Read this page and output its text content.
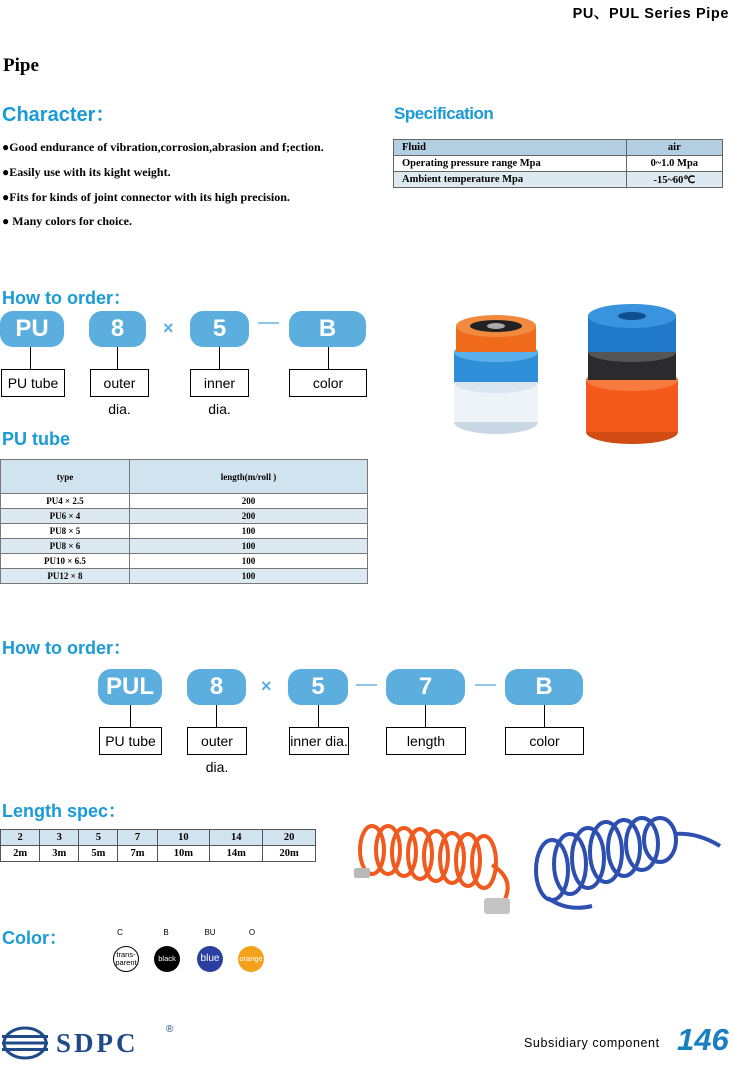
PU、PUL Series Pipe
Pipe
Character：
●Good endurance of vibration,corrosion,abrasion and f;ection.
●Easily use with its kight weight.
●Fits for kinds of joint connector with its high precision.
● Many colors for choice.
Specification
Fluid	air
Operating pressure range Mpa	0~1.0 Mpa
Ambient temperature Mpa	-15~60℃
How to order：
PU	8	×	5	B
PU tube	outer dia.
inner dia.
color
PU tube
type	length(m/roll )
PU4 × 2.5	200
PU6 × 4	200
PU8 × 5	100
PU8 × 6	100
PU10 × 6.5	100
PU12 × 8	100
How to order：
PUL	8	×	5	7	B
PU tube	outer dia.
inner dia.	length	color
Length spec：
2	3	5	7	10	14	20
2m	3m	5m	7m	10m	14m	20m
Color：	C	B	BU	O
trans-parent	black	blue	orange
SDPC	®
Subsidiary component 146
